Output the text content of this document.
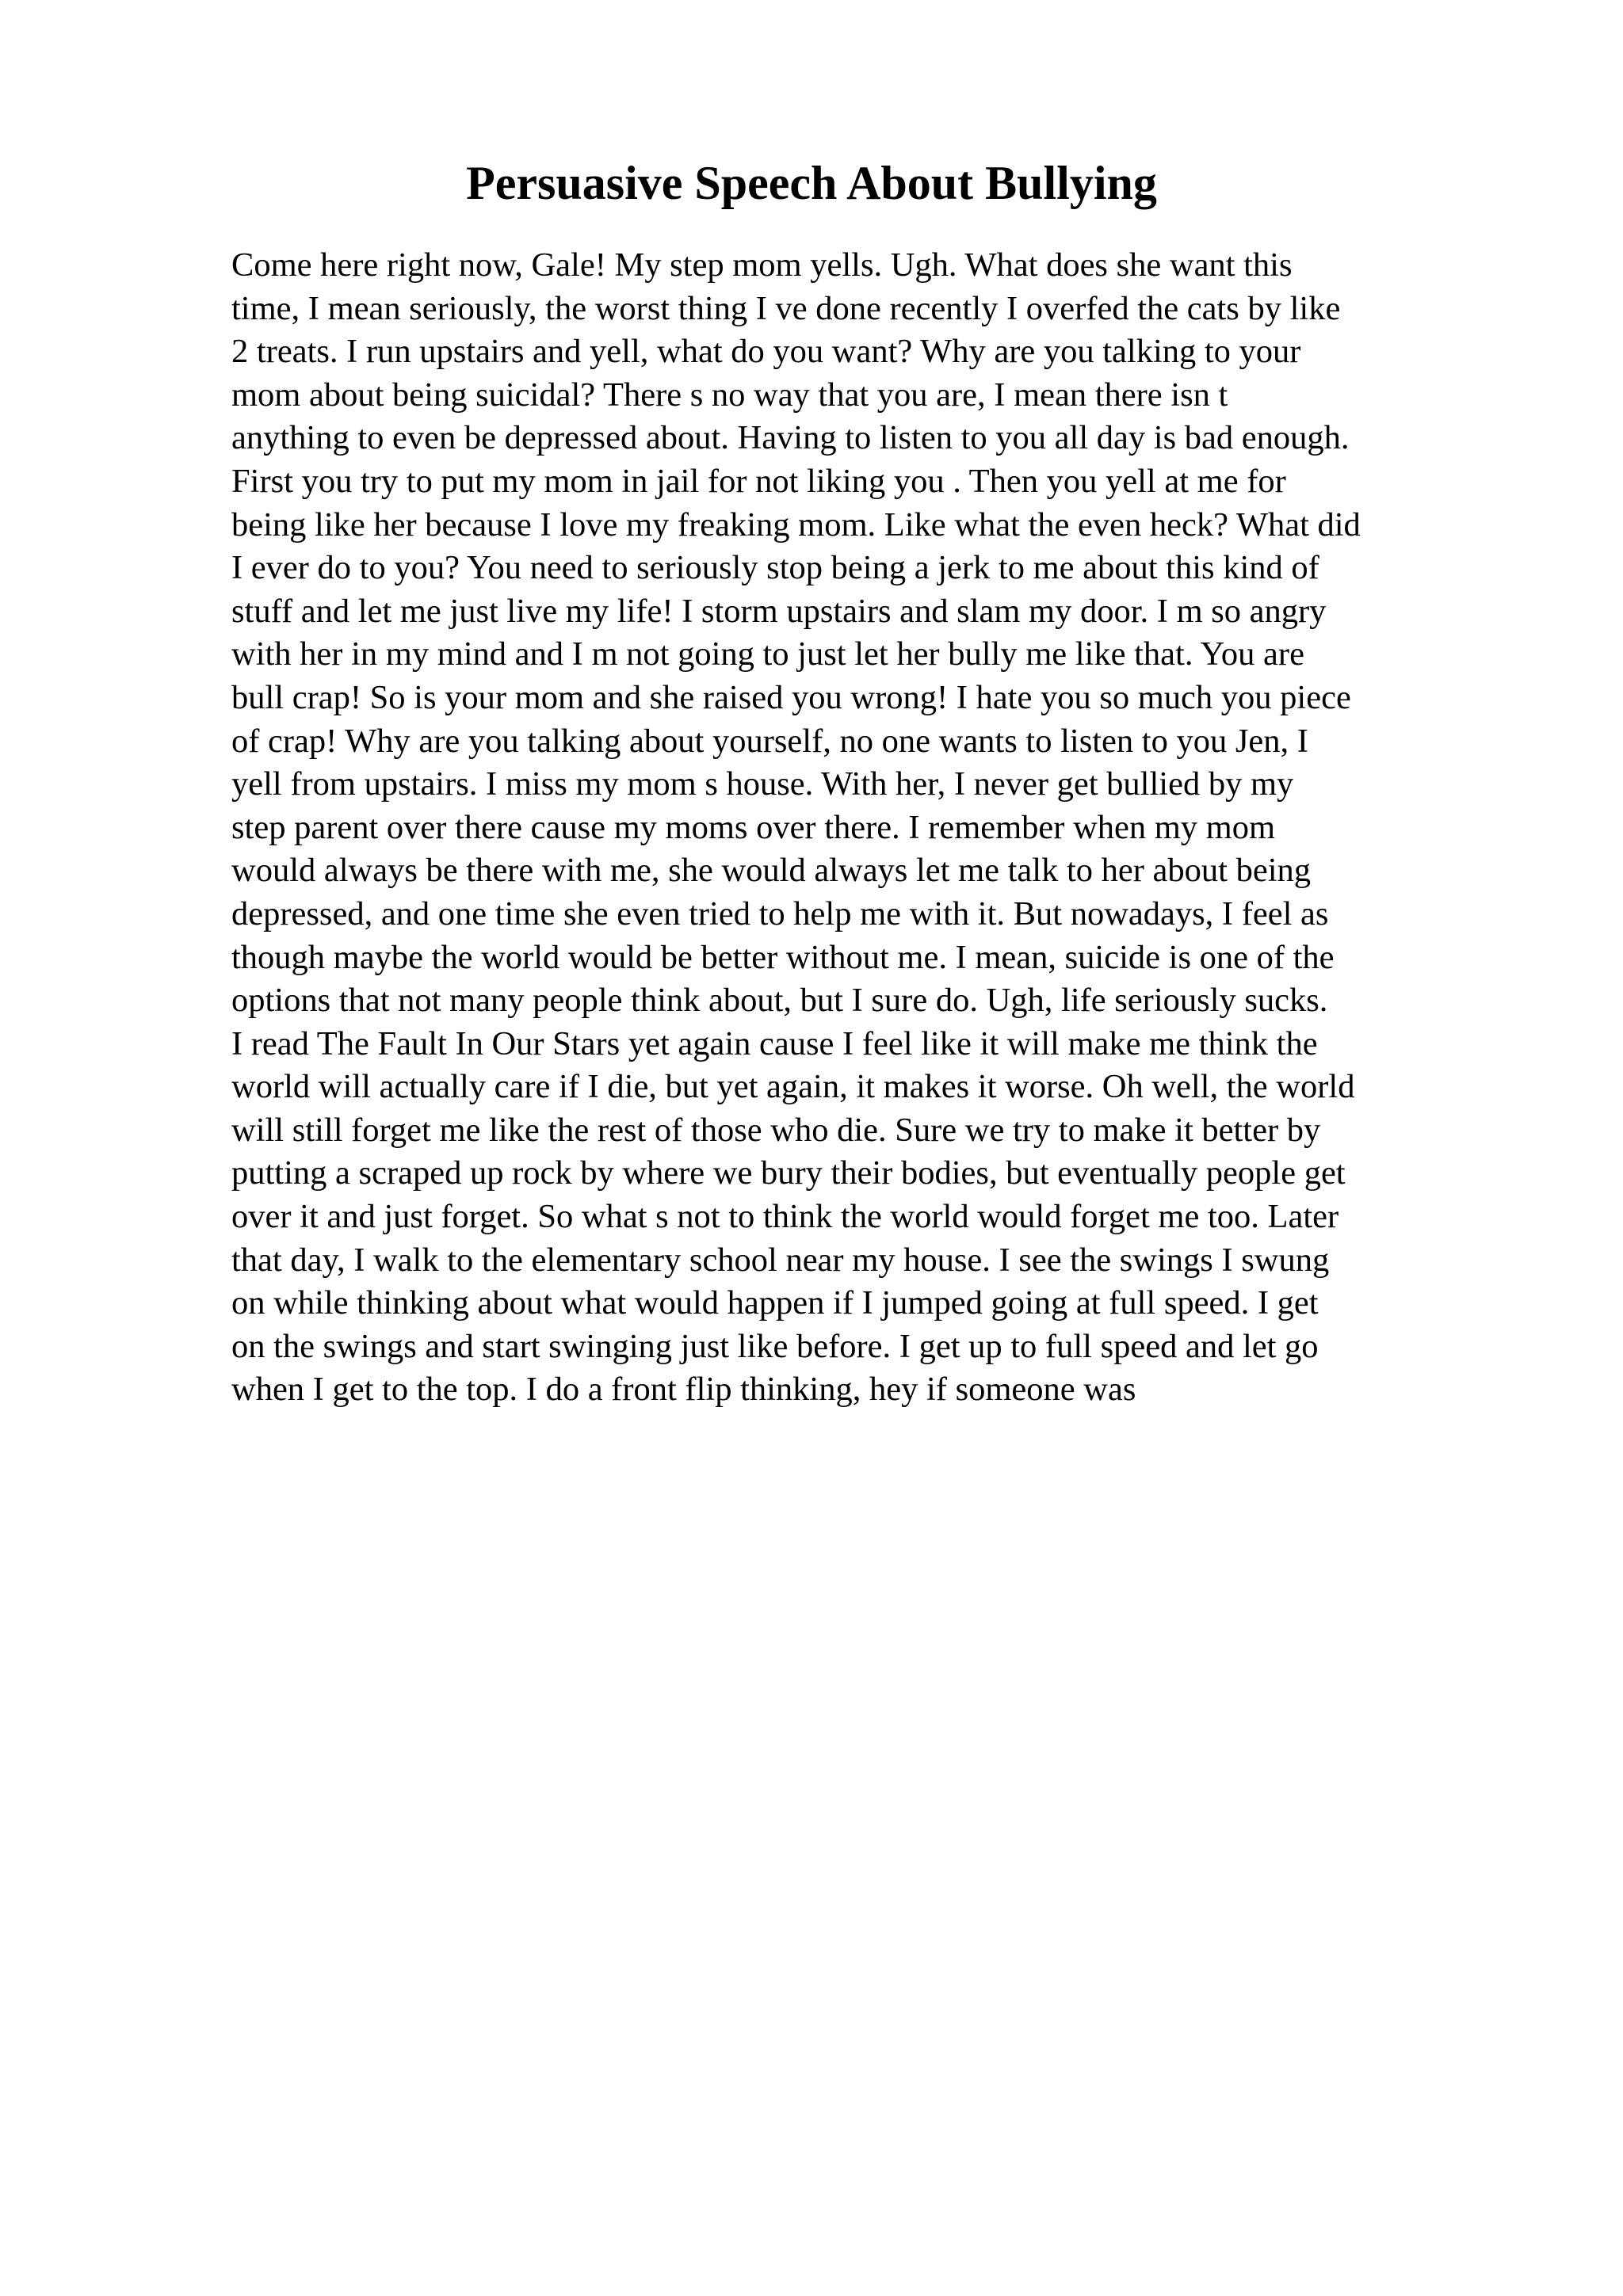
Persuasive Speech About Bullying
Come here right now, Gale! My step mom yells. Ugh. What does she want this
time, I mean seriously, the worst thing I ve done recently I overfed the cats by like
2 treats. I run upstairs and yell, what do you want? Why are you talking to your
mom about being suicidal? There s no way that you are, I mean there isn t
anything to even be depressed about. Having to listen to you all day is bad enough.
First you try to put my mom in jail for not liking you . Then you yell at me for
being like her because I love my freaking mom. Like what the even heck? What did
I ever do to you? You need to seriously stop being a jerk to me about this kind of
stuff and let me just live my life! I storm upstairs and slam my door. I m so angry
with her in my mind and I m not going to just let her bully me like that. You are
bull crap! So is your mom and she raised you wrong! I hate you so much you piece
of crap! Why are you talking about yourself, no one wants to listen to you Jen, I
yell from upstairs. I miss my mom s house. With her, I never get bullied by my
step parent over there cause my moms over there. I remember when my mom
would always be there with me, she would always let me talk to her about being
depressed, and one time she even tried to help me with it. But nowadays, I feel as
though maybe the world would be better without me. I mean, suicide is one of the
options that not many people think about, but I sure do. Ugh, life seriously sucks.
I read The Fault In Our Stars yet again cause I feel like it will make me think the
world will actually care if I die, but yet again, it makes it worse. Oh well, the world
will still forget me like the rest of those who die. Sure we try to make it better by
putting a scraped up rock by where we bury their bodies, but eventually people get
over it and just forget. So what s not to think the world would forget me too. Later
that day, I walk to the elementary school near my house. I see the swings I swung
on while thinking about what would happen if I jumped going at full speed. I get
on the swings and start swinging just like before. I get up to full speed and let go
when I get to the top. I do a front flip thinking, hey if someone was
